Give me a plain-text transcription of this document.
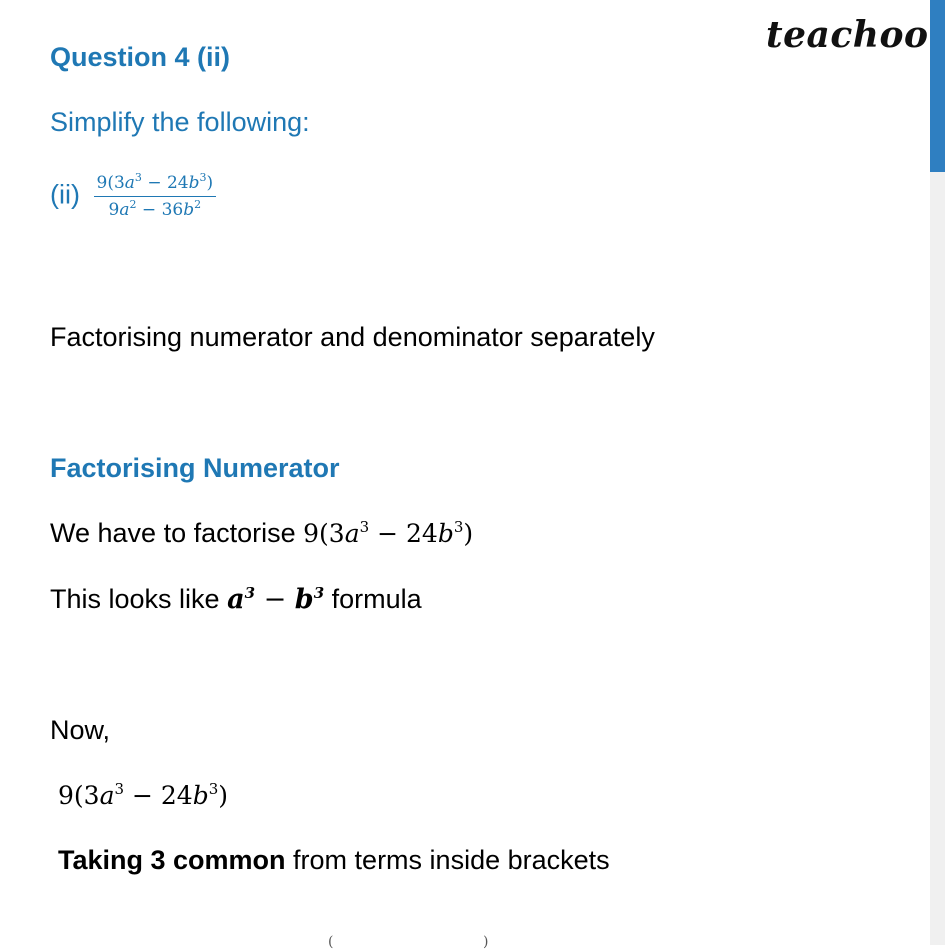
teachoo
Question 4 (ii)
Simplify the following:
$(ii) \frac{9(3a^3 - 24b^3)}{9a^2 - 36b^2}$
Factorising numerator and denominator separately
Factorising Numerator
We have to factorise $9(3a^3 - 24b^3)$
This looks like $a^3 - b^3$ formula
Now,
$9(3a^3 - 24b^3)$
Taking 3 common from terms inside brackets
(	)
